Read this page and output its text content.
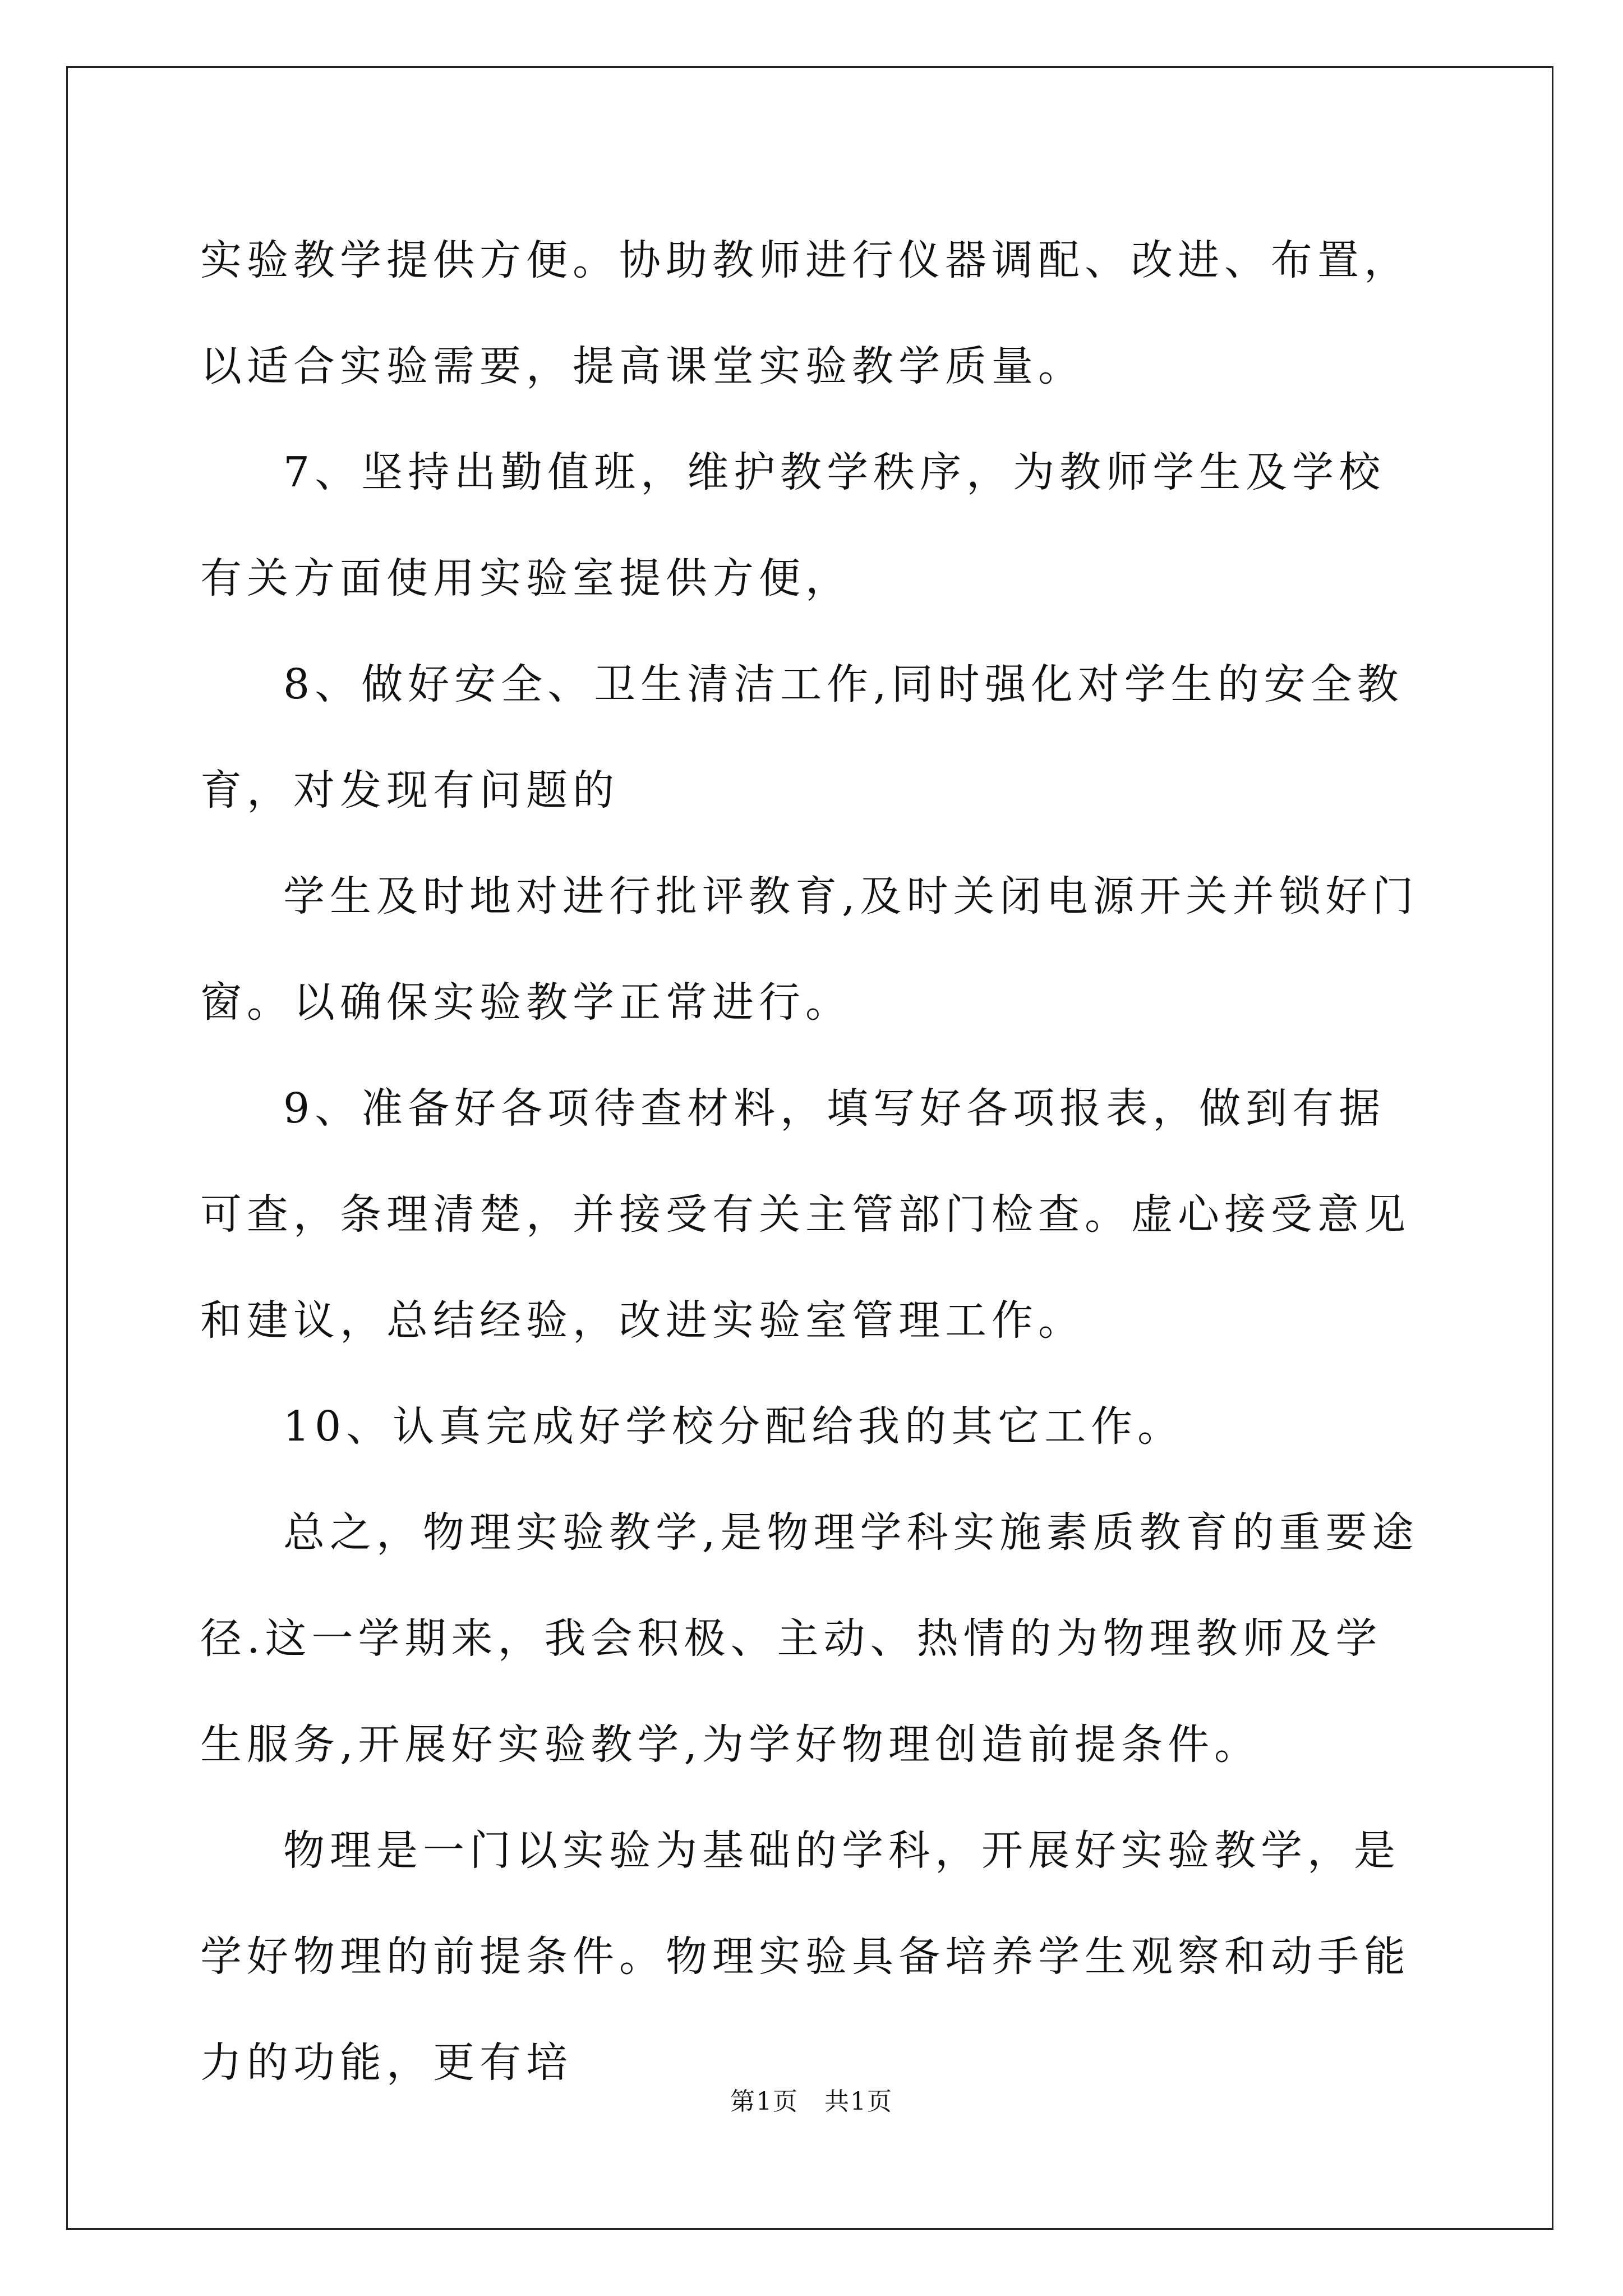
实验教学提供方便。协助教师进行仪器调配、改进、布置，以适合实验需要，提高课堂实验教学质量。

7、坚持出勤值班，维护教学秩序，为教师学生及学校有关方面使用实验室提供方便，

8、做好安全、卫生清洁工作,同时强化对学生的安全教育，对发现有问题的

学生及时地对进行批评教育,及时关闭电源开关并锁好门窗。以确保实验教学正常进行。

9、准备好各项待查材料，填写好各项报表，做到有据可查，条理清楚，并接受有关主管部门检查。虚心接受意见和建议，总结经验，改进实验室管理工作。

10、认真完成好学校分配给我的其它工作。

总之，物理实验教学,是物理学科实施素质教育的重要途径.这一学期来，我会积极、主动、热情的为物理教师及学生服务,开展好实验教学,为学好物理创造前提条件。

物理是一门以实验为基础的学科，开展好实验教学，是学好物理的前提条件。物理实验具备培养学生观察和动手能力的功能，更有培

第1页　共1页
